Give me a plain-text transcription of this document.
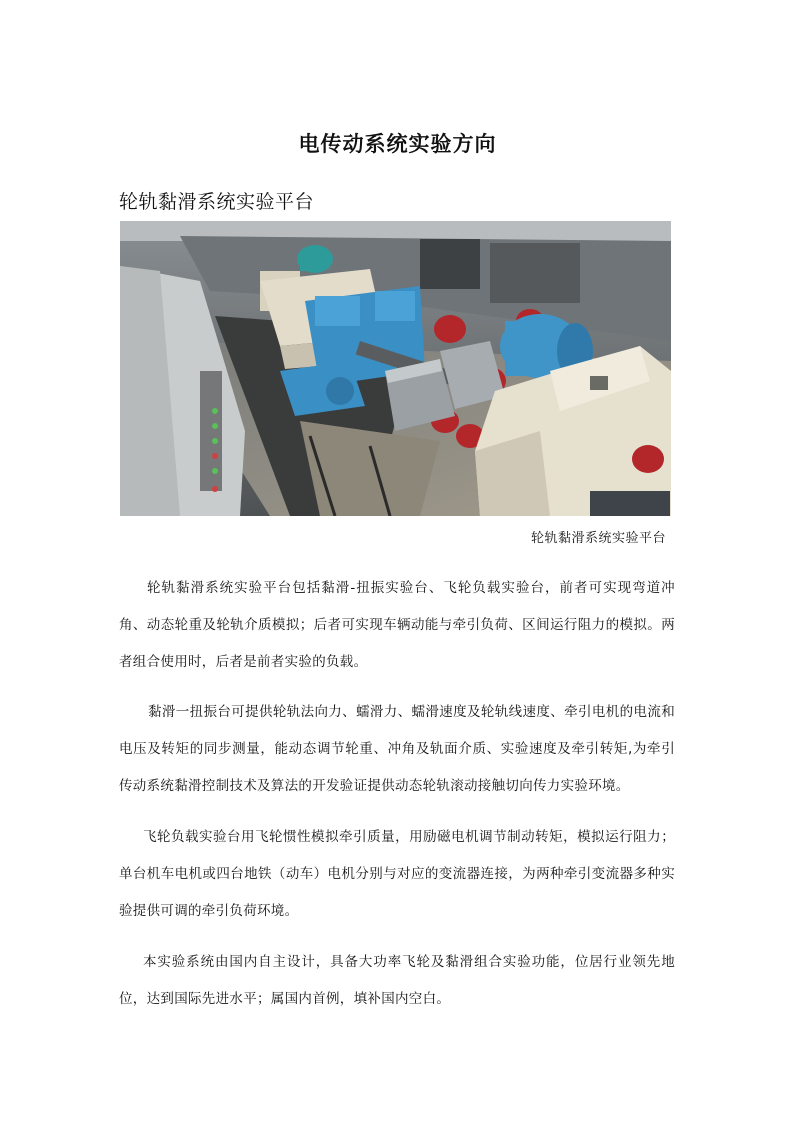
电传动系统实验方向
轮轨黏滑系统实验平台
轮轨黏滑系统实验平台

轮轨黏滑系统实验平台包括黏滑-扭振实验台、飞轮负载实验台，前者可实现弯道冲角、动态轮重及轮轨介质模拟；后者可实现车辆动能与牵引负荷、区间运行阻力的模拟。两者组合使用时，后者是前者实验的负载。

黏滑一扭振台可提供轮轨法向力、蠕滑力、蠕滑速度及轮轨线速度、牵引电机的电流和电压及转矩的同步测量，能动态调节轮重、冲角及轨面介质、实验速度及牵引转矩,为牵引传动系统黏滑控制技术及算法的开发验证提供动态轮轨滚动接触切向传力实验环境。

飞轮负载实验台用飞轮惯性模拟牵引质量，用励磁电机调节制动转矩，模拟运行阻力；单台机车电机或四台地铁（动车）电机分别与对应的变流器连接，为两种牵引变流器多种实验提供可调的牵引负荷环境。

本实验系统由国内自主设计，具备大功率飞轮及黏滑组合实验功能，位居行业领先地位，达到国际先进水平；属国内首例，填补国内空白。
